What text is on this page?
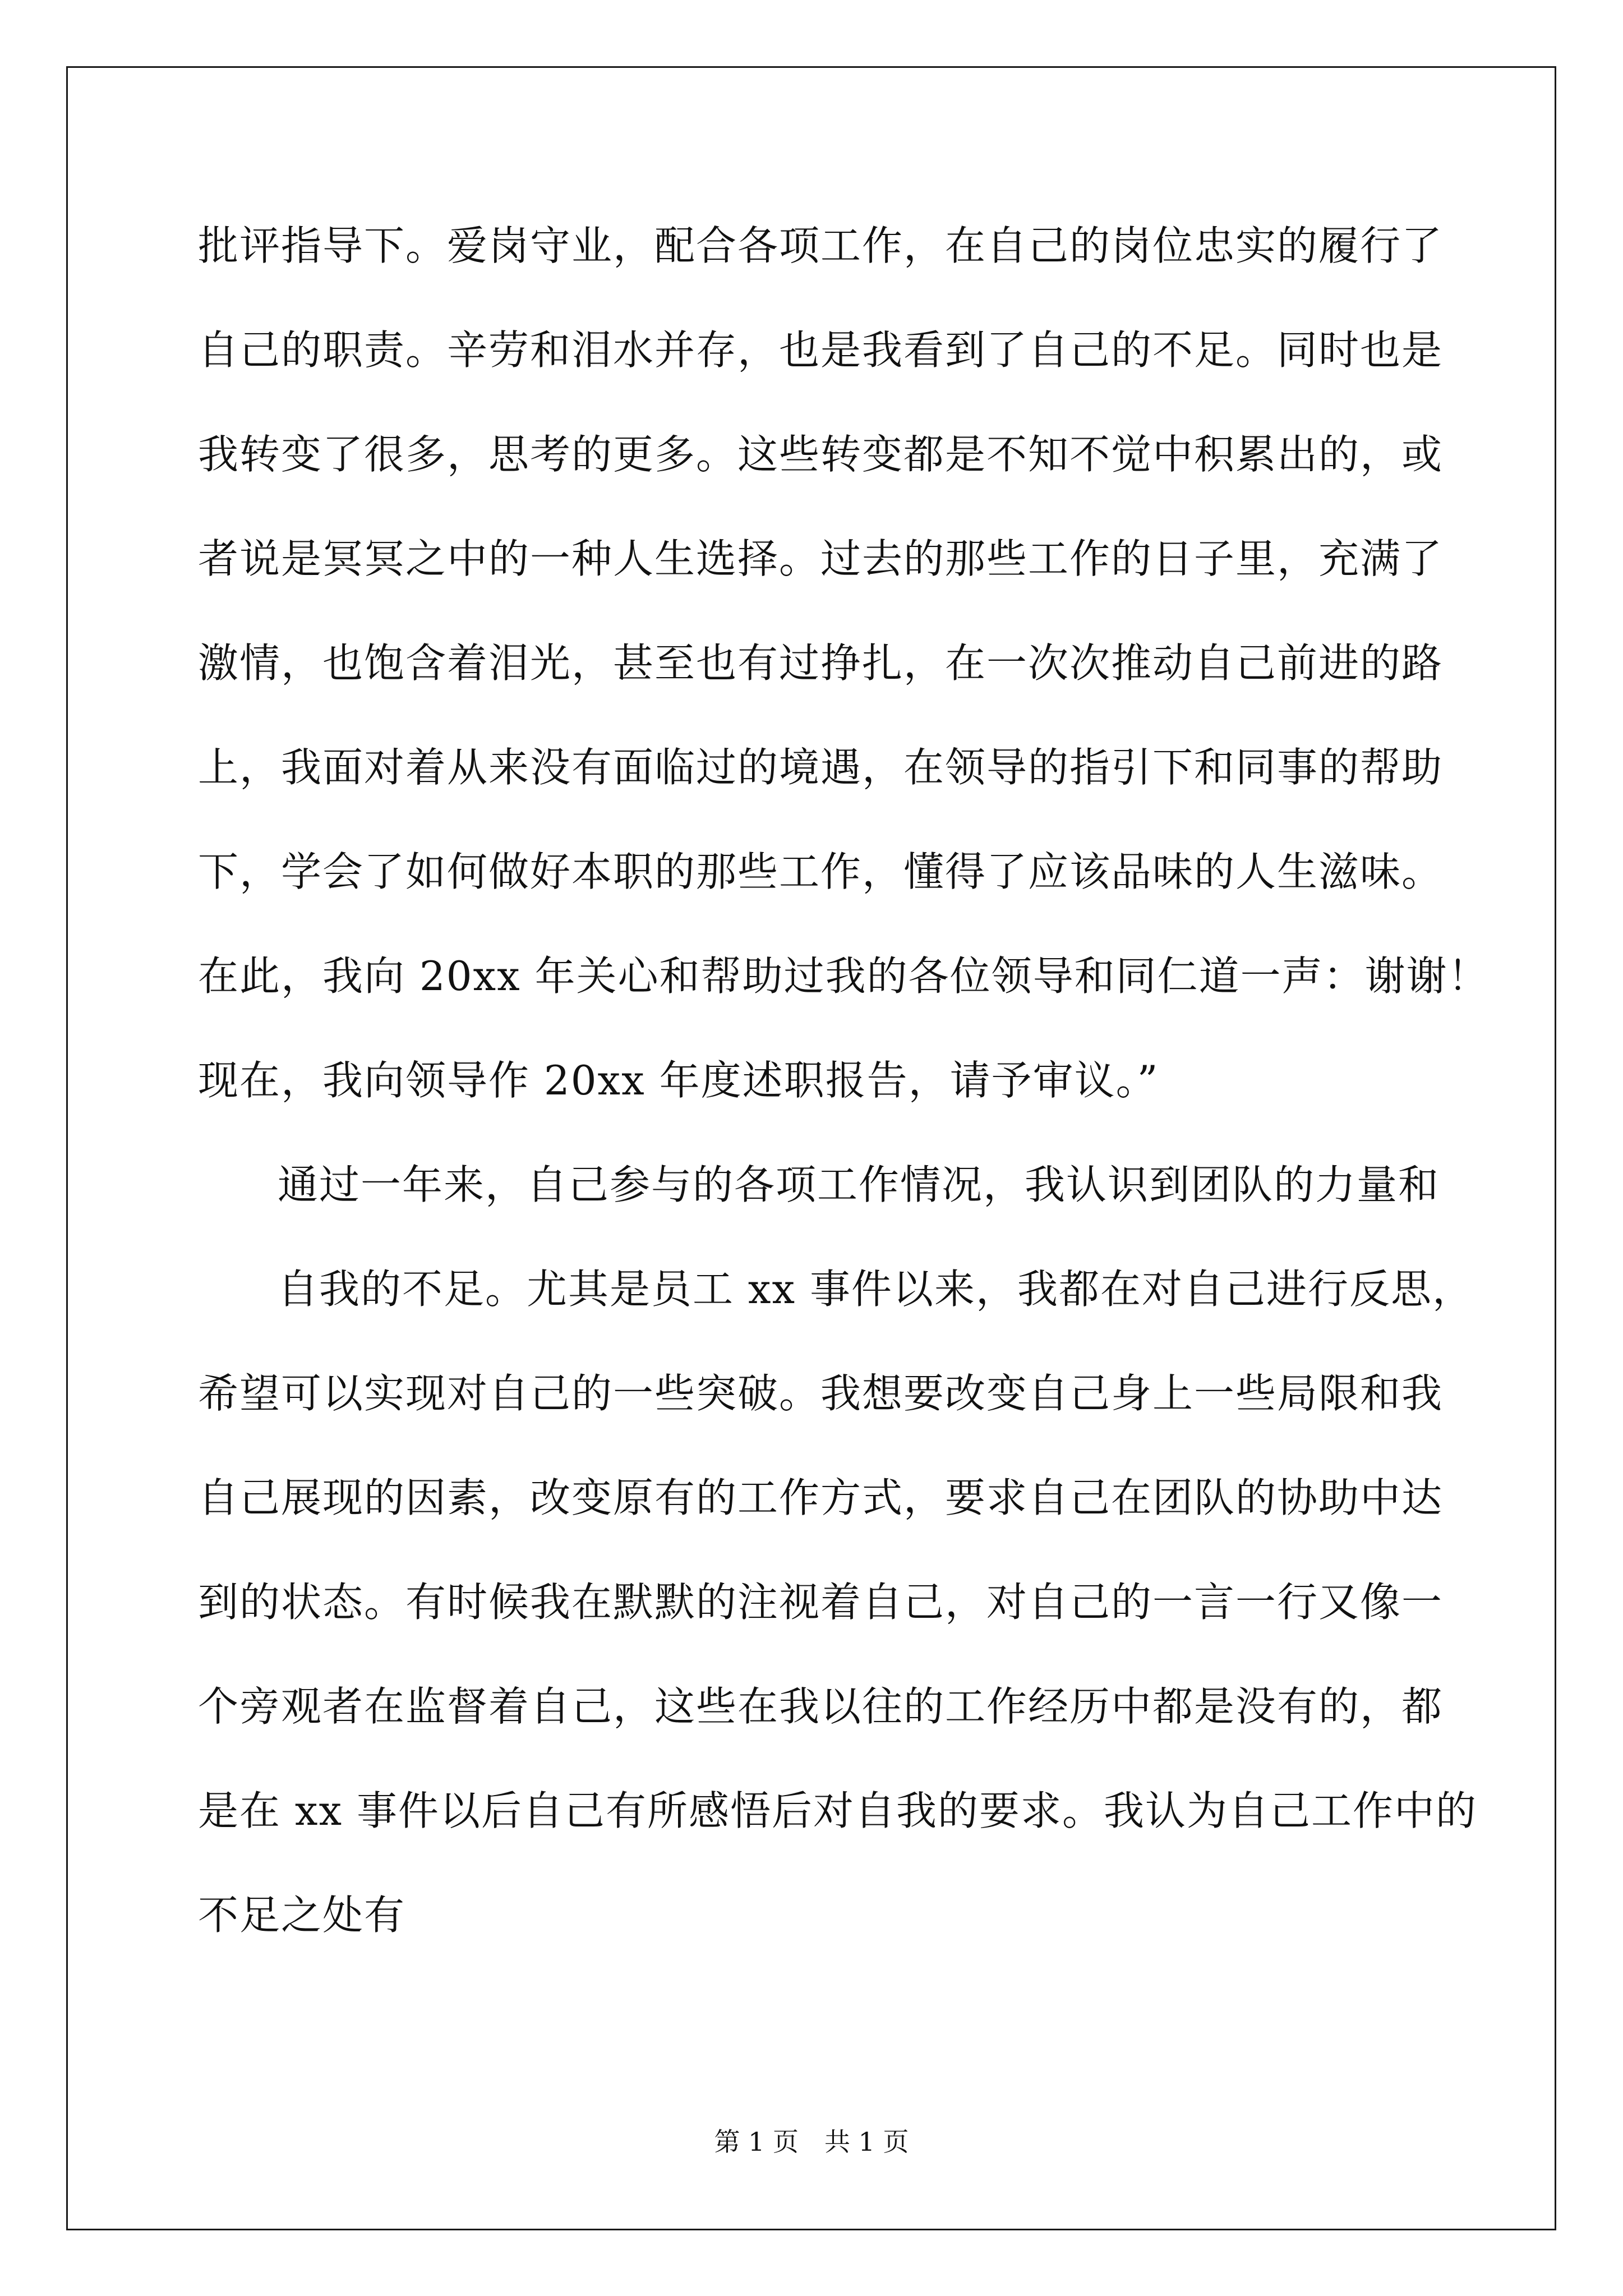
批评指导下。爱岗守业，配合各项工作，在自己的岗位忠实的履行了
自己的职责。辛劳和泪水并存，也是我看到了自己的不足。同时也是
我转变了很多，思考的更多。这些转变都是不知不觉中积累出的，或
者说是冥冥之中的一种人生选择。过去的那些工作的日子里，充满了
激情，也饱含着泪光，甚至也有过挣扎，在一次次推动自己前进的路
上，我面对着从来没有面临过的境遇，在领导的指引下和同事的帮助
下，学会了如何做好本职的那些工作，懂得了应该品味的人生滋味。
在此，我向 20xx 年关心和帮助过我的各位领导和同仁道一声：谢谢！
现在，我向领导作 20xx 年度述职报告，请予审议。”
通过一年来，自己参与的各项工作情况，我认识到团队的力量和
自我的不足。尤其是员工 xx 事件以来，我都在对自己进行反思，
希望可以实现对自己的一些突破。我想要改变自己身上一些局限和我
自己展现的因素，改变原有的工作方式，要求自己在团队的协助中达
到的状态。有时候我在默默的注视着自己，对自己的一言一行又像一
个旁观者在监督着自己，这些在我以往的工作经历中都是没有的，都
是在 xx 事件以后自己有所感悟后对自我的要求。我认为自己工作中的
不足之处有
第 1 页　共 1 页
